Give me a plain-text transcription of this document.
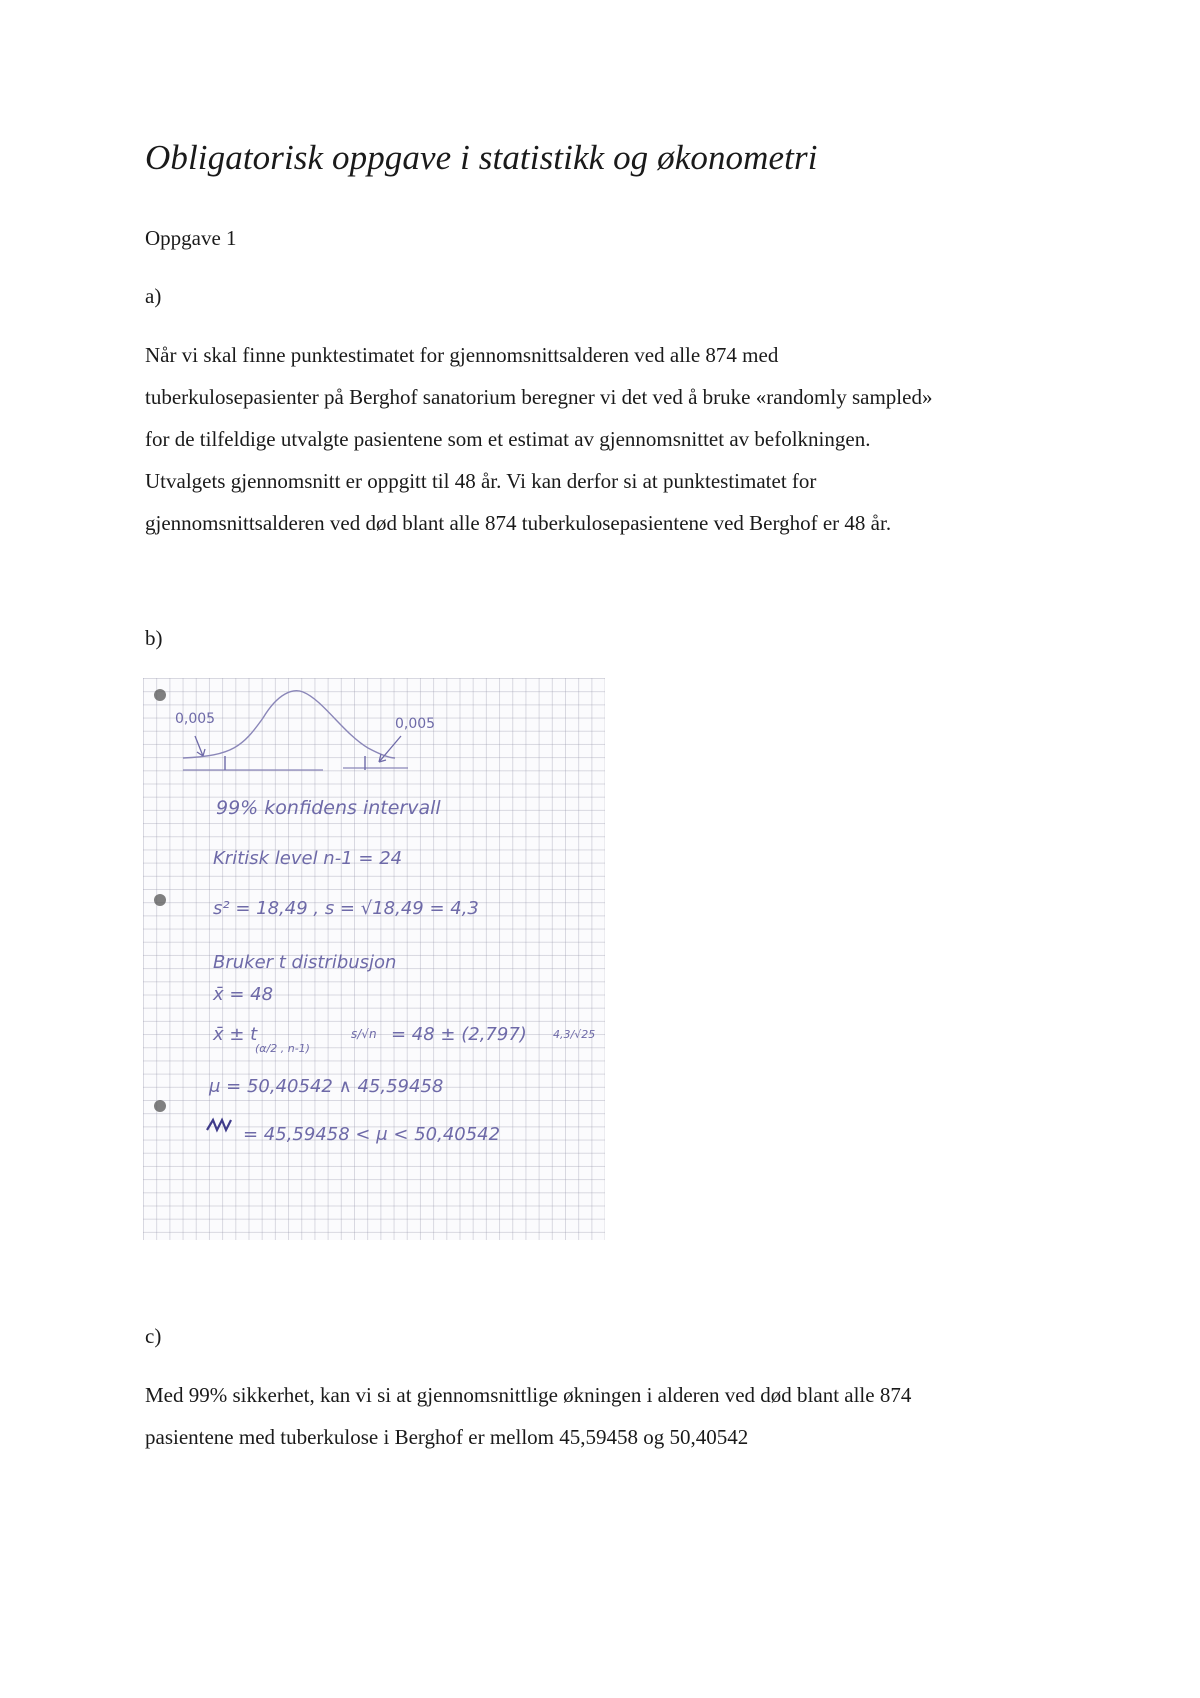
Obligatorisk oppgave i statistikk og økonometri

Oppgave 1

a)

Når vi skal finne punktestimatet for gjennomsnittsalderen ved alle 874 med
tuberkulosepasienter på Berghof sanatorium beregner vi det ved å bruke «randomly sampled»
for de tilfeldige utvalgte pasientene som et estimat av gjennomsnittet av befolkningen.
Utvalgets gjennomsnitt er oppgitt til 48 år. Vi kan derfor si at punktestimatet for
gjennomsnittsalderen ved død blant alle 874 tuberkulosepasientene ved Berghof er 48 år.

b)

0,005	0,005
99% konfidens intervall
Kritisk level n-1 = 24
s² = 18,49 , s = √18,49 = 4,3
Bruker t distribusjon
x̄ = 48
x̄ ± t
(α/2 , n-1)
s/√n = 48 ± (2,797) 4,3/√25
μ = 50,40542 ∧ 45,59458
= 45,59458 < μ < 50,40542

c)

Med 99% sikkerhet, kan vi si at gjennomsnittlige økningen i alderen ved død blant alle 874
pasientene med tuberkulose i Berghof er mellom 45,59458 og 50,40542
